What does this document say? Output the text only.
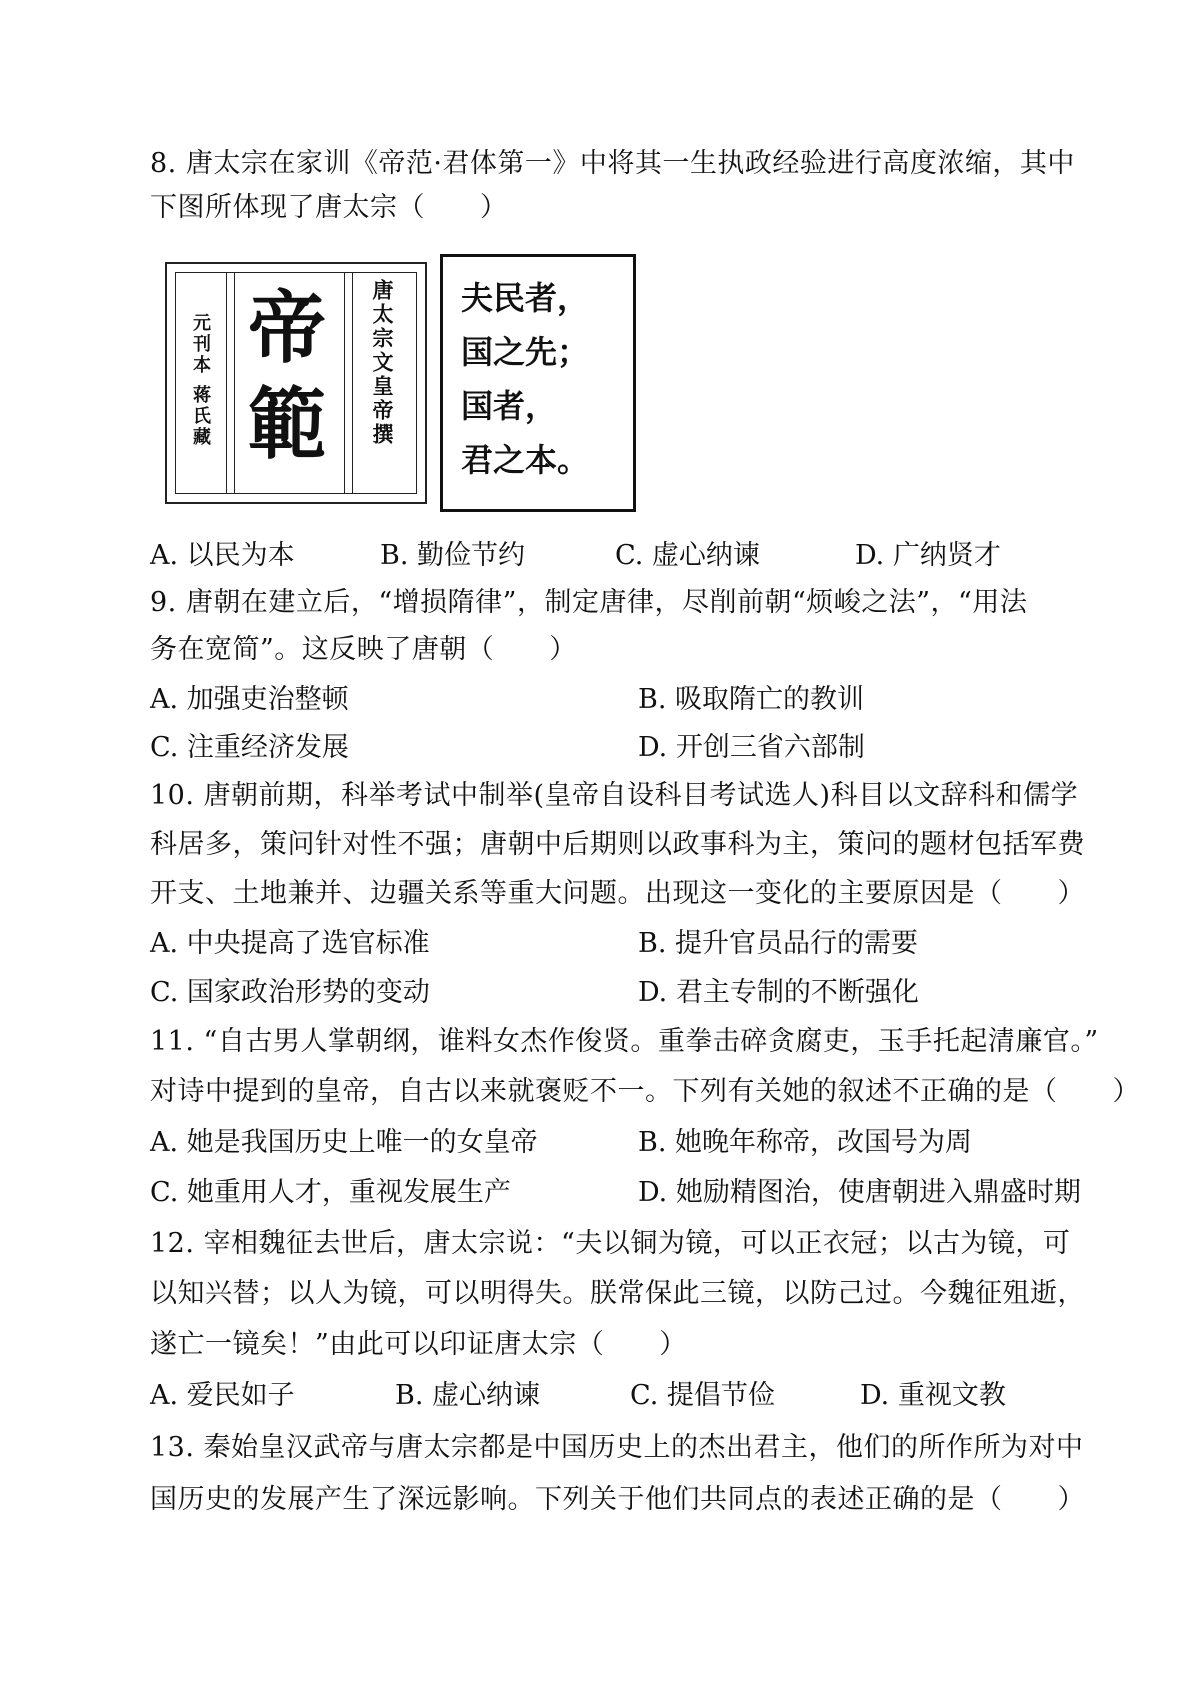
8. 唐太宗在家训《帝范·君体第一》中将其一生执政经验进行高度浓缩，其中
下图所体现了唐太宗（　　）
元刊本 蒋氏藏 帝
範 唐太宗文皇帝撰 夫民者，
国之先；
国者，
君之本。
A. 以民为本	B. 勤俭节约	C. 虚心纳谏	D. 广纳贤才
9. 唐朝在建立后，“增损隋律”，制定唐律，尽削前朝“烦峻之法”，“用法
务在宽简”。这反映了唐朝（　　）
A. 加强吏治整顿	B. 吸取隋亡的教训
C. 注重经济发展	D. 开创三省六部制
10. 唐朝前期，科举考试中制举(皇帝自设科目考试选人)科目以文辞科和儒学
科居多，策问针对性不强；唐朝中后期则以政事科为主，策问的题材包括军费
开支、土地兼并、边疆关系等重大问题。出现这一变化的主要原因是（　　）
A. 中央提高了选官标准	B. 提升官员品行的需要
C. 国家政治形势的变动	D. 君主专制的不断强化
11. “自古男人掌朝纲，谁料女杰作俊贤。重拳击碎贪腐吏，玉手托起清廉官。”
对诗中提到的皇帝，自古以来就褒贬不一。下列有关她的叙述不正确的是（　　）
A. 她是我国历史上唯一的女皇帝	B. 她晚年称帝，改国号为周
C. 她重用人才，重视发展生产	D. 她励精图治，使唐朝进入鼎盛时期
12. 宰相魏征去世后，唐太宗说：“夫以铜为镜，可以正衣冠；以古为镜，可
以知兴替；以人为镜，可以明得失。朕常保此三镜，以防己过。今魏征殂逝，
遂亡一镜矣！”由此可以印证唐太宗（　　）
A. 爱民如子	B. 虚心纳谏	C. 提倡节俭	D. 重视文教
13. 秦始皇汉武帝与唐太宗都是中国历史上的杰出君主，他们的所作所为对中
国历史的发展产生了深远影响。下列关于他们共同点的表述正确的是（　　）
